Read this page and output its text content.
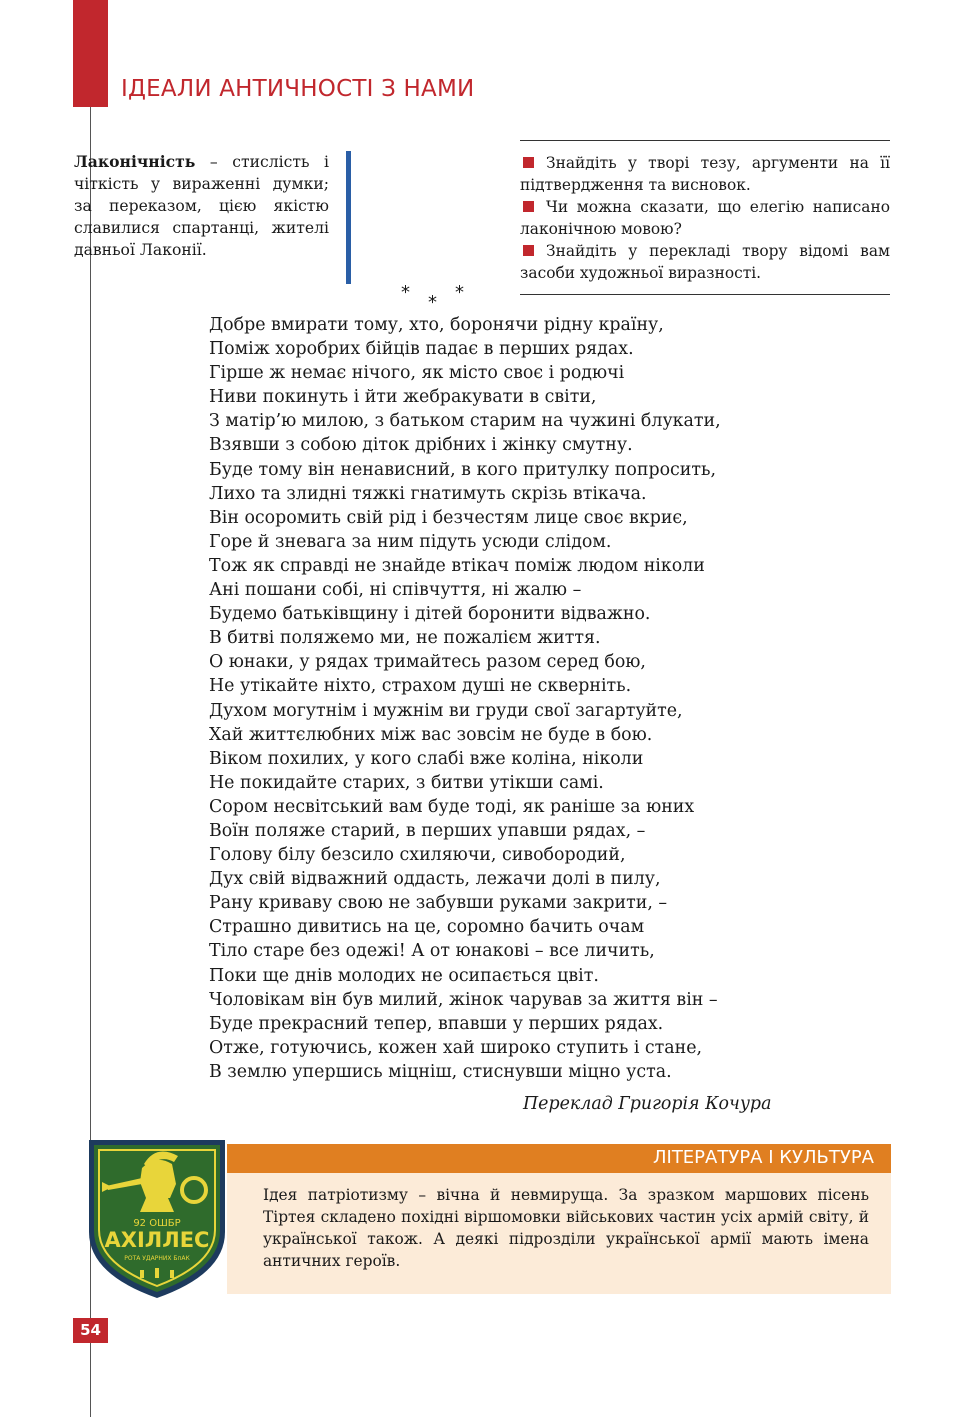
ІДЕАЛИ АНТИЧНОСТІ З НАМИ
Лаконічність – стислість і чіткість у вираженні думки; за переказом, цією якістю славилися спартанці, жителі давньої Лаконії.
Знайдіть у творі тезу, аргументи на її підтвердження та висновок.
Чи можна сказати, що елегію написано лаконічною мовою?
Знайдіть у перекладі твору відомі вам засоби художньої виразності.
* * *
Добре вмирати тому, хто, боронячи рідну країну,
Поміж хоробрих бійців падає в перших рядах.
Гірше ж немає нічого, як місто своє і родючі
Ниви покинуть і йти жебракувати в світи,
З матір’ю милою, з батьком старим на чужині блукати,
Взявши з собою діток дрібних і жінку смутну.
Буде тому він ненависний, в кого притулку попросить,
Лихо та злидні тяжкі гнатимуть скрізь втікача.
Він осоромить свій рід і безчестям лице своє вкриє,
Горе й зневага за ним підуть усюди слідом.
Тож як справді не знайде втікач поміж людом ніколи
Ані пошани собі, ні співчуття, ні жалю –
Будемо батьківщину і дітей боронити відважно.
В битві поляжемо ми, не пожалієм життя.
О юнаки, у рядах тримайтесь разом серед бою,
Не утікайте ніхто, страхом душі не скверніть.
Духом могутнім і мужнім ви груди свої загартуйте,
Хай життєлюбних між вас зовсім не буде в бою.
Віком похилих, у кого слабі вже коліна, ніколи
Не покидайте старих, з битви утікши самі.
Сором несвітський вам буде тоді, як раніше за юних
Воїн поляже старий, в перших упавши рядах, –
Голову білу безсило схиляючи, сивобородий,
Дух свій відважний оддасть, лежачи долі в пилу,
Рану криваву свою не забувши руками закрити, –
Страшно дивитись на це, соромно бачить очам
Тіло старе без одежі! А от юнакові – все личить,
Поки ще днів молодих не осипається цвіт.
Чоловікам він був милий, жінок чарував за життя він –
Буде прекрасний тепер, впавши у перших рядах.
Отже, готуючись, кожен хай широко ступить і стане,
В землю упершись міцніш, стиснувши міцно уста.
Переклад Григорія Кочура
ЛІТЕРАТУРА І КУЛЬТУРА
Ідея патріотизму – вічна й невмируща. За зразком маршових пісень Тіртея складено похідні віршомовки військових частин усіх армій світу, й української також. А деякі підрозділи української армії мають імена античних героїв.
92 ОШБР
АХІЛЛЕС
РОТА УДАРНИХ БпАК
54
